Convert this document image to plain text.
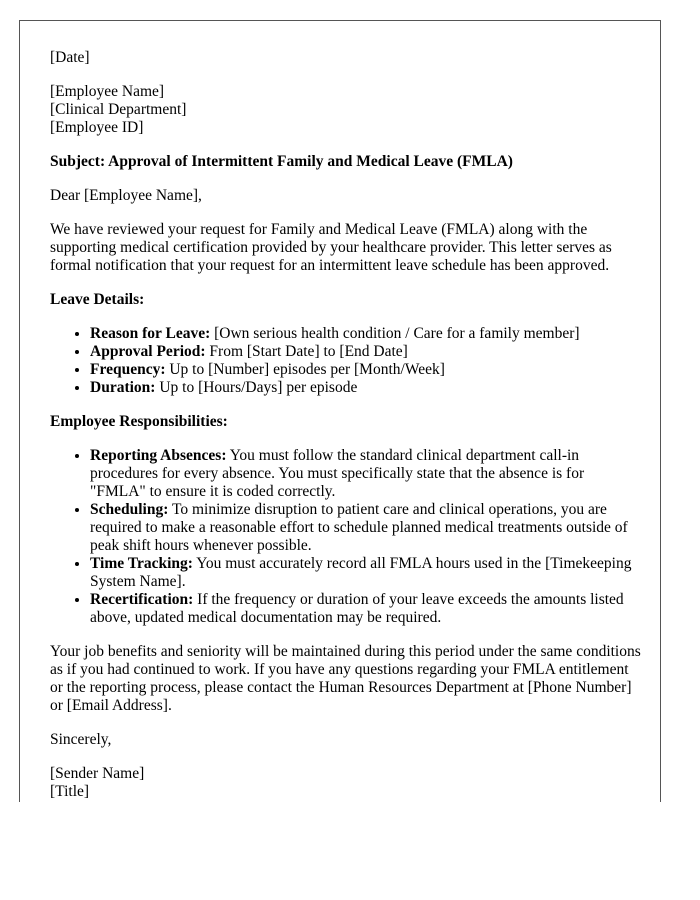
[Date]

[Employee Name]
[Clinical Department]
[Employee ID]

Subject: Approval of Intermittent Family and Medical Leave (FMLA)

Dear [Employee Name],

We have reviewed your request for Family and Medical Leave (FMLA) along with the supporting medical certification provided by your healthcare provider. This letter serves as formal notification that your request for an intermittent leave schedule has been approved.

Leave Details:

• Reason for Leave: [Own serious health condition / Care for a family member]
• Approval Period: From [Start Date] to [End Date]
• Frequency: Up to [Number] episodes per [Month/Week]
• Duration: Up to [Hours/Days] per episode

Employee Responsibilities:

• Reporting Absences: You must follow the standard clinical department call-in procedures for every absence. You must specifically state that the absence is for "FMLA" to ensure it is coded correctly.
• Scheduling: To minimize disruption to patient care and clinical operations, you are required to make a reasonable effort to schedule planned medical treatments outside of peak shift hours whenever possible.
• Time Tracking: You must accurately record all FMLA hours used in the [Timekeeping System Name].
• Recertification: If the frequency or duration of your leave exceeds the amounts listed above, updated medical documentation may be required.

Your job benefits and seniority will be maintained during this period under the same conditions as if you had continued to work. If you have any questions regarding your FMLA entitlement or the reporting process, please contact the Human Resources Department at [Phone Number] or [Email Address].

Sincerely,

[Sender Name]
[Title]
